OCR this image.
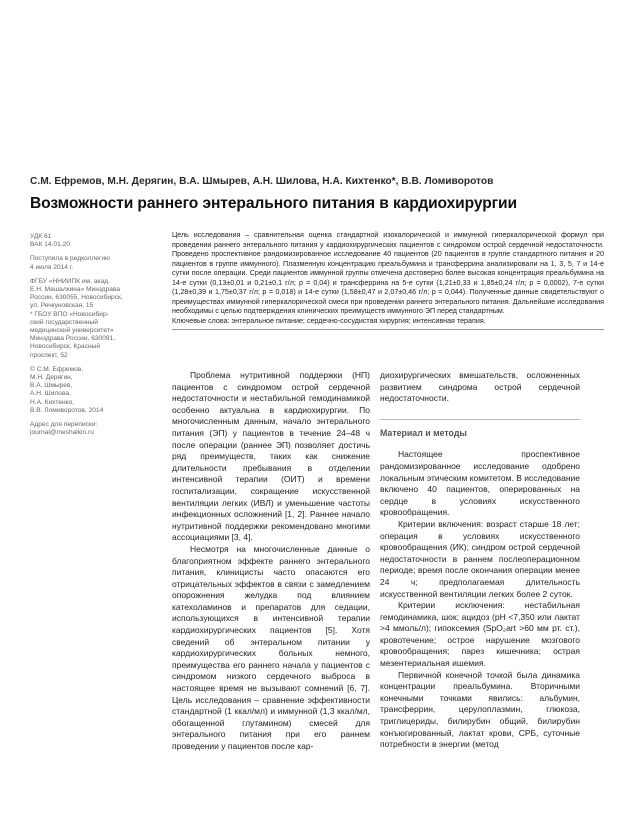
С.М. Ефремов, М.Н. Дерягин, В.А. Шмырев, А.Н. Шилова, Н.А. Кихтенко*, В.В. Ломиворотов
Возможности раннего энтерального питания в кардиохирургии

УДК 61
ВАК 14.01.20

Поступила в редколлегию
4 июля 2014 г.

ФГБУ «ННИИПК им. акад.
Е.Н. Мешалкина» Минздрава
России, 630055, Новосибирск,
ул. Речкуновская, 15
* ГБОУ ВПО «Новосибир-
ский государственный
медицинский университет»
Минздрава России, 630091,
Новосибирск, Красный
проспект, 52

© С.М. Ефремов,
М.Н. Дерягин,
В.А. Шмырев,
А.Н. Шилова,
Н.А. Кихтенко,
В.В. Ломиворотов, 2014

Адрес для переписки:
journal@meshalkin.ru

Цель исследования – сравнительная оценка стандартной изокалорической и иммунной гиперкалорической формул при проведении раннего энтерального питания у кардиохирургических пациентов с синдромом острой сердечной недостаточности. Проведено проспективное рандомизированное исследование 40 пациентов (20 пациентов в группе стандартного питания и 20 пациентов в группе иммунного). Плазменную концентрацию преальбумина и трансферрина анализировали на 1, 3, 5, 7 и 14-е сутки после операции. Среди пациентов иммунной группы отмечена достоверно более высокая концентрация преальбумина на 14-е сутки (0,13±0,01 и 0,21±0,1 г/л; p = 0,04) и трансферрина на 5-е сутки (1,21±0,33 и 1,85±0,24 г/л; p = 0,0002), 7-е сутки (1,28±0,39 и 1,75±0,37 г/л; p = 0,018) и 14-е сутки (1,58±0,47 и 2,07±0,46 г/л; p = 0,044). Полученные данные свидетельствуют о преимуществах иммунной гиперкалорической смеси при проведении раннего энтерального питания. Дальнейшие исследования необходимы с целью подтверждения клинических преимуществ иммунного ЭП перед стандартным.

Ключевые слова: энтеральное питание; сердечно-сосудистая хирургия; интенсивная терапия.

Проблема нутритивной поддержки (НП) пациентов с синдромом острой сердечной недостаточности и нестабильной гемодинамикой особенно актуальна в кардиохирургии. По многочисленным данным, начало энтерального питания (ЭП) у пациентов в течение 24–48 ч после операции (раннее ЭП) позволяет достичь ряд преимуществ, таких как снижение длительности пребывания в отделении интенсивной терапии (ОИТ) и времени госпитализации, сокращение искусственной вентиляции легких (ИВЛ) и уменьшение частоты инфекционных осложнений [1, 2]. Раннее начало нутритивной поддержки рекомендовано многими ассоциациями [3, 4].

Несмотря на многочисленные данные о благоприятном эффекте раннего энтерального питания, клиницисты часто опасаются его отрицательных эффектов в связи с замедлением опорожнения желудка под влиянием катехоламинов и препаратов для седации, использующихся в интенсивной терапии кардиохирургических пациентов [5]. Хотя сведений об энтеральном питании у кардиохирургических больных немного, преимущества его раннего начала у пациентов с синдромом низкого сердечного выброса в настоящее время не вызывают сомнений [6, 7]. Цель исследования – сравнение эффективности стандартной (1 ккал/мл) и иммунной (1,3 ккал/мл, обогащенной глутамином) смесей для энтерального питания при его раннем проведении у пациентов после кар-

диохирургических вмешательств, осложненных развитием синдрома острой сердечной недостаточности.

Материал и методы

Настоящее проспективное рандомизированное исследование одобрено локальным этическим комитетом. В исследование включено 40 пациентов, оперированных на сердце в условиях искусственного кровообращения.

Критерии включения: возраст старше 18 лет; операция в условиях искусственного кровообращения (ИК); синдром острой сердечной недостаточности в раннем послеоперационном периоде; время после окончания операции менее 24 ч; предполагаемая длительность искусственной вентиляции легких более 2 суток.

Критерии исключения: нестабильная гемодинамика, шок; ацидоз (pH <7,350 или лактат >4 ммоль/л); гипоксемия (SpO₂art >60 мм рт. ст.), кровотечение; острое нарушение мозгового кровообращения; парез кишечника; острая мезентериальная ишемия.

Первичной конечной точкой была динамика концентрации преальбумина. Вторичными конечными точками явились: альбумин, трансферрин, церулоплазмин, глюкоза, триглицериды, билирубин общий, билирубин конъюгированный, лактат крови, СРБ, суточные потребности в энергии (метод
